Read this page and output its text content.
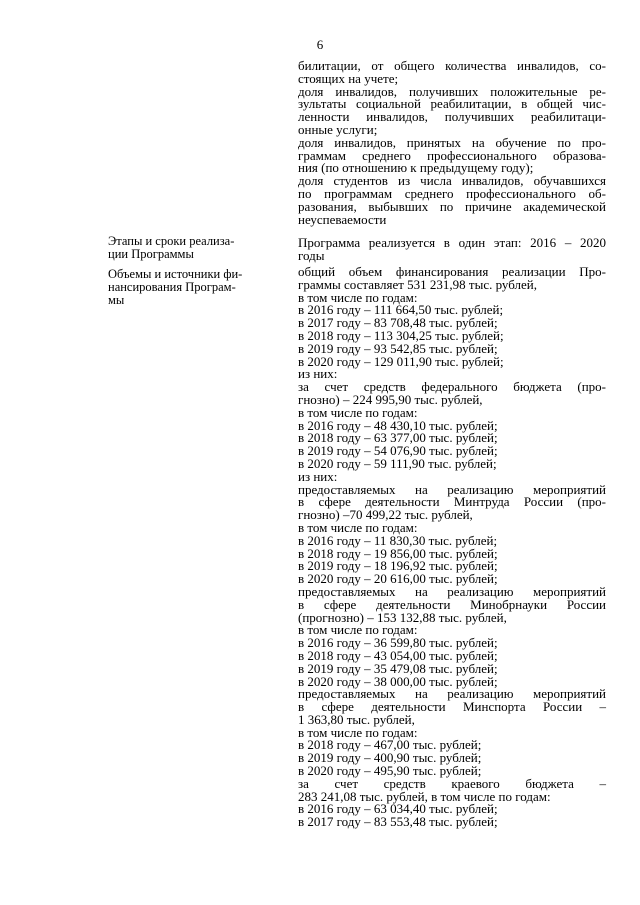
6
билитации, от общего количества инвалидов, со-
стоящих на учете;
доля инвалидов, получивших положительные ре-
зультаты социальной реабилитации, в общей чис-
ленности инвалидов, получивших реабилитаци-
онные услуги;
доля инвалидов, принятых на обучение по про-
граммам среднего профессионального образова-
ния (по отношению к предыдущему году);
доля студентов из числа инвалидов, обучавшихся
по программам среднего профессионального об-
разования, выбывших по причине академической
неуспеваемости
Этапы и сроки реализа-
ции Программы
Программа реализуется в один этап: 2016 – 2020
годы
Объемы и источники фи-
нансирования Програм-
мы
общий объем финансирования реализации Про-
граммы составляет 531 231,98 тыс. рублей,
в том числе по годам:
в 2016 году – 111 664,50 тыс. рублей;
в 2017 году – 83 708,48 тыс. рублей;
в 2018 году – 113 304,25 тыс. рублей;
в 2019 году – 93 542,85 тыс. рублей;
в 2020 году – 129 011,90 тыс. рублей;
из них:
за счет средств федерального бюджета (про-
гнозно) – 224 995,90 тыс. рублей,
в том числе по годам:
в 2016 году – 48 430,10 тыс. рублей;
в 2018 году – 63 377,00 тыс. рублей;
в 2019 году – 54 076,90 тыс. рублей;
в 2020 году – 59 111,90 тыс. рублей;
из них:
предоставляемых на реализацию мероприятий
в сфере деятельности Минтруда России (про-
гнозно) –70 499,22 тыс. рублей,
в том числе по годам:
в 2016 году – 11 830,30 тыс. рублей;
в 2018 году – 19 856,00 тыс. рублей;
в 2019 году – 18 196,92 тыс. рублей;
в 2020 году – 20 616,00 тыс. рублей;
предоставляемых на реализацию мероприятий
в сфере деятельности Минобрнауки России
(прогнозно) – 153 132,88 тыс. рублей,
в том числе по годам:
в 2016 году – 36 599,80 тыс. рублей;
в 2018 году – 43 054,00 тыс. рублей;
в 2019 году – 35 479,08 тыс. рублей;
в 2020 году – 38 000,00 тыс. рублей;
предоставляемых на реализацию мероприятий
в сфере деятельности Минспорта России –
1 363,80 тыс. рублей,
в том числе по годам:
в 2018 году – 467,00 тыс. рублей;
в 2019 году – 400,90 тыс. рублей;
в 2020 году – 495,90 тыс. рублей;
за счет средств краевого бюджета –
283 241,08 тыс. рублей, в том числе по годам:
в 2016 году – 63 034,40 тыс. рублей;
в 2017 году – 83 553,48 тыс. рублей;
